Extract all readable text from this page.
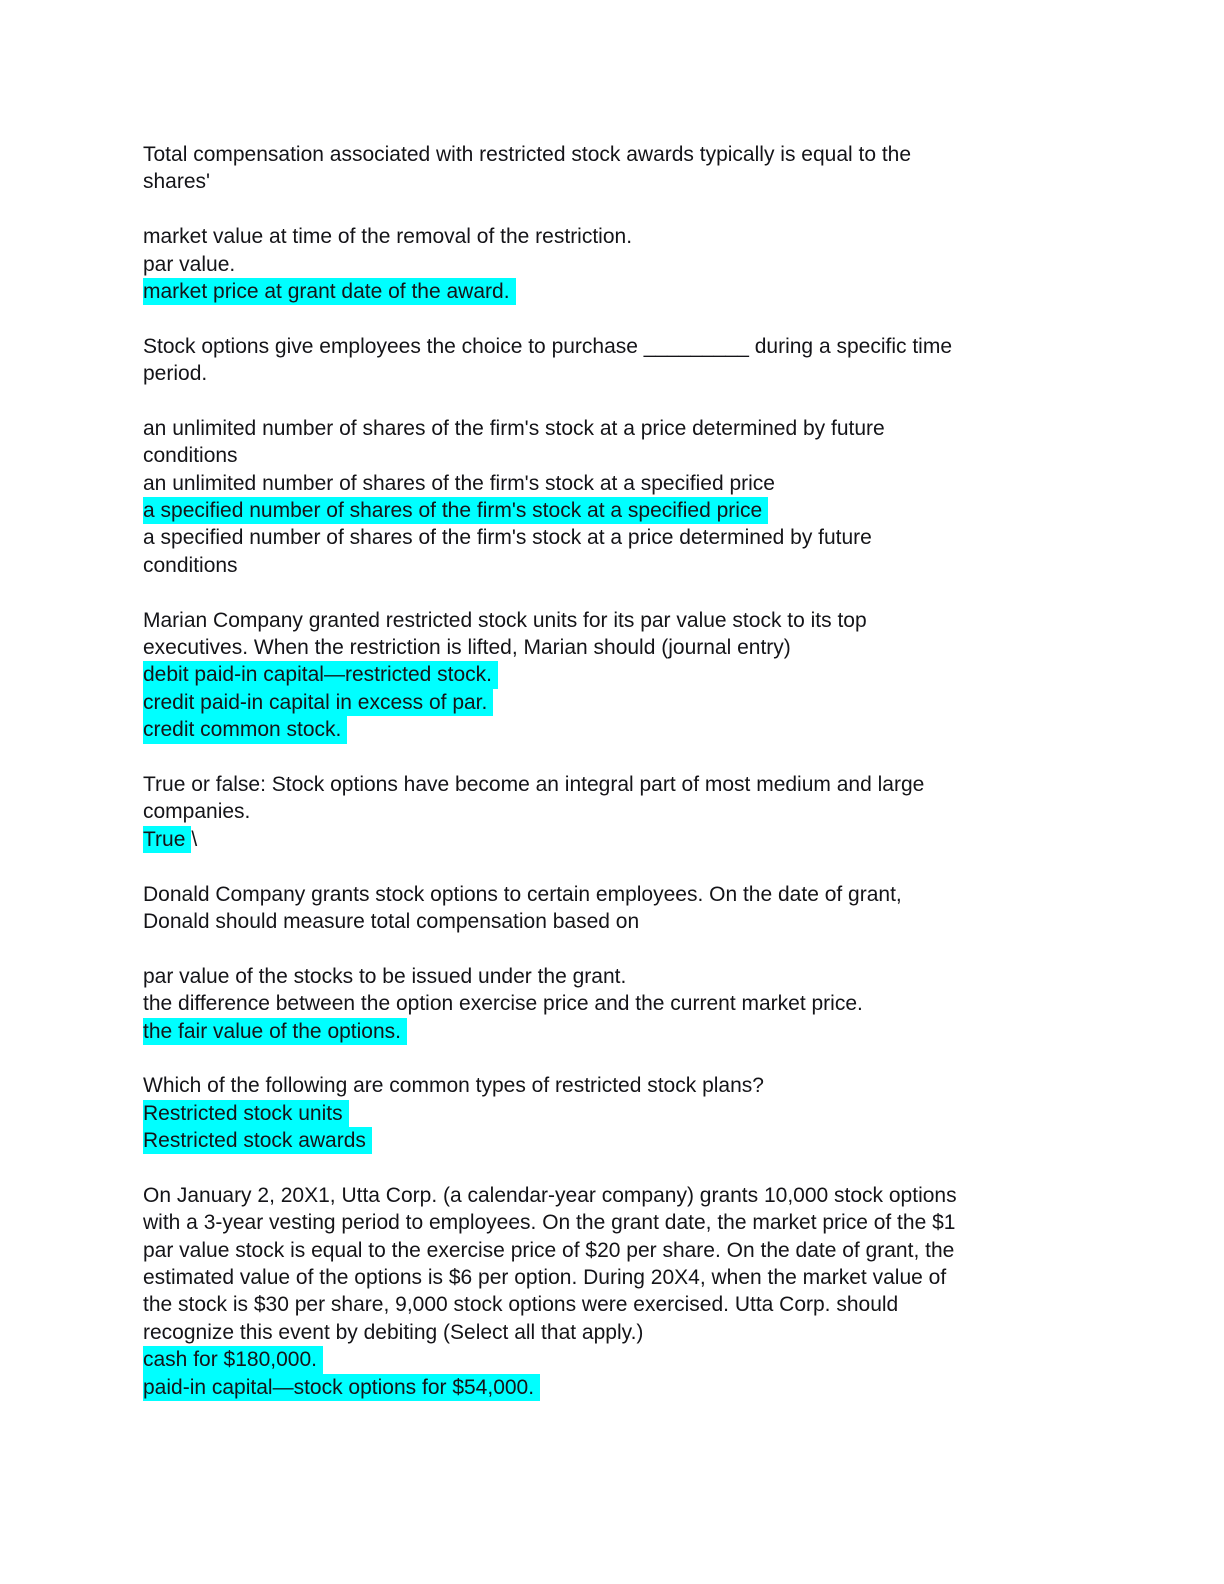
Total compensation associated with restricted stock awards typically is equal to the
shares'
market value at time of the removal of the restriction.
par value.
market price at grant date of the award.
Stock options give employees the choice to purchase _________ during a specific time
period.
an unlimited number of shares of the firm's stock at a price determined by future
conditions
an unlimited number of shares of the firm's stock at a specified price
a specified number of shares of the firm's stock at a specified price
a specified number of shares of the firm's stock at a price determined by future
conditions
Marian Company granted restricted stock units for its par value stock to its top
executives. When the restriction is lifted, Marian should (journal entry)
debit paid-in capital—restricted stock.
credit paid-in capital in excess of par.
credit common stock.
True or false: Stock options have become an integral part of most medium and large
companies.
True \
Donald Company grants stock options to certain employees. On the date of grant,
Donald should measure total compensation based on
par value of the stocks to be issued under the grant.
the difference between the option exercise price and the current market price.
the fair value of the options.
Which of the following are common types of restricted stock plans?
Restricted stock units
Restricted stock awards
On January 2, 20X1, Utta Corp. (a calendar-year company) grants 10,000 stock options
with a 3-year vesting period to employees. On the grant date, the market price of the $1
par value stock is equal to the exercise price of $20 per share. On the date of grant, the
estimated value of the options is $6 per option. During 20X4, when the market value of
the stock is $30 per share, 9,000 stock options were exercised. Utta Corp. should
recognize this event by debiting (Select all that apply.)
cash for $180,000.
paid-in capital—stock options for $54,000.
